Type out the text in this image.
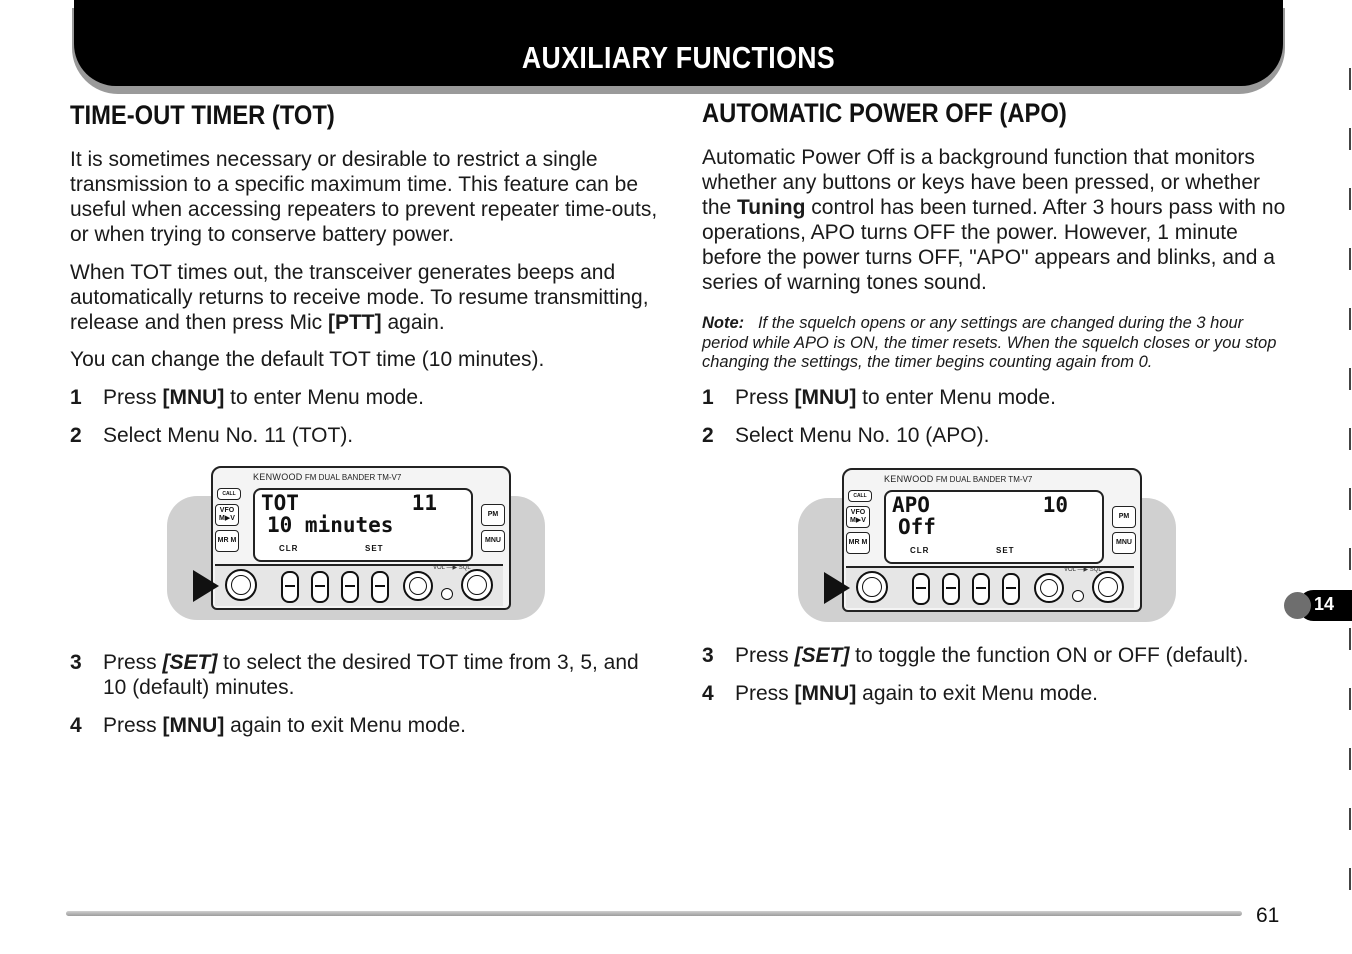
AUXILIARY FUNCTIONS
TIME-OUT TIMER (TOT)

It is sometimes necessary or desirable to restrict a single transmission to a specific maximum time. This feature can be useful when accessing repeaters to prevent repeater time-outs, or when trying to conserve battery power.

When TOT times out, the transceiver generates beeps and automatically returns to receive mode. To resume transmitting, release and then press Mic [PTT] again.

You can change the default TOT time (10 minutes).

1 Press [MNU] to enter Menu mode.
2 Select Menu No. 11 (TOT).
KENWOOD FM DUAL BANDER TM-V7
CALL
VFO M▶V
MR M
PM
MNU
TOT	11
10 minutes
CLR	SET
VOL —▶ SQL
3 Press [SET] to select the desired TOT time from 3, 5, and 10 (default) minutes.
4 Press [MNU] again to exit Menu mode.
AUTOMATIC POWER OFF (APO)

Automatic Power Off is a background function that monitors whether any buttons or keys have been pressed, or whether the Tuning control has been turned. After 3 hours pass with no operations, APO turns OFF the power. However, 1 minute before the power turns OFF, "APO" appears and blinks, and a series of warning tones sound.

Note: If the squelch opens or any settings are changed during the 3 hour period while APO is ON, the timer resets. When the squelch closes or you stop changing the settings, the timer begins counting again from 0.
1 Press [MNU] to enter Menu mode.
2 Select Menu No. 10 (APO).
KENWOOD FM DUAL BANDER TM-V7
CALL
VFO M▶V
MR M
PM
MNU
APO	10
Off
CLR	SET
VOL —▶ SQL
3 Press [SET] to toggle the function ON or OFF (default).
4 Press [MNU] again to exit Menu mode.
14
61
